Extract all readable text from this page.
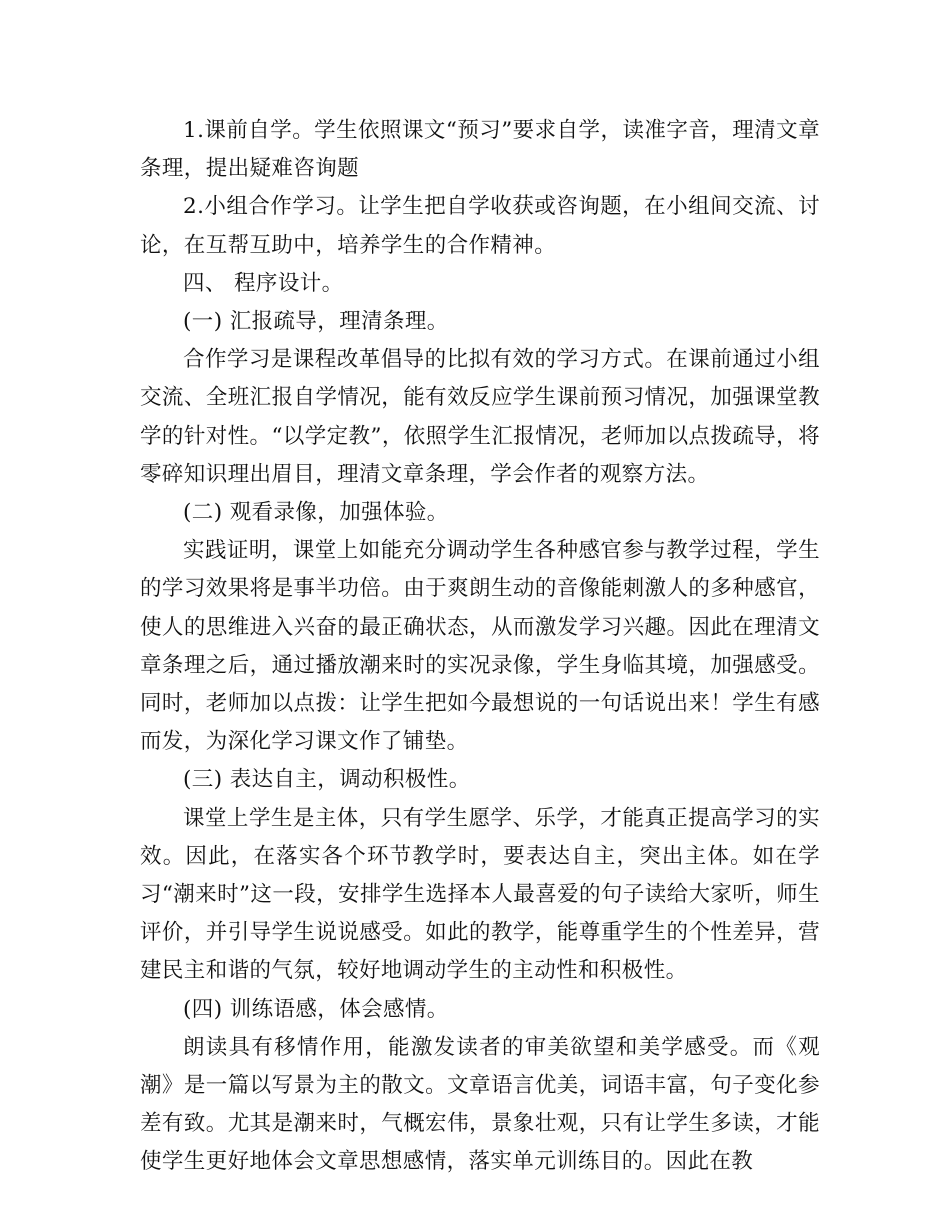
1.课前自学。学生依照课文“预习”要求自学，读准字音，理清文章条理，提出疑难咨询题

2.小组合作学习。让学生把自学收获或咨询题，在小组间交流、讨论，在互帮互助中，培养学生的合作精神。

四、 程序设计。

(一) 汇报疏导，理清条理。

合作学习是课程改革倡导的比拟有效的学习方式。在课前通过小组交流、全班汇报自学情况，能有效反应学生课前预习情况，加强课堂教学的针对性。“以学定教”，依照学生汇报情况，老师加以点拨疏导，将零碎知识理出眉目，理清文章条理，学会作者的观察方法。

(二) 观看录像，加强体验。

实践证明，课堂上如能充分调动学生各种感官参与教学过程，学生的学习效果将是事半功倍。由于爽朗生动的音像能刺激人的多种感官，使人的思维进入兴奋的最正确状态，从而激发学习兴趣。因此在理清文章条理之后，通过播放潮来时的实况录像，学生身临其境，加强感受。同时，老师加以点拨：让学生把如今最想说的一句话说出来！学生有感而发，为深化学习课文作了铺垫。

(三) 表达自主，调动积极性。

课堂上学生是主体，只有学生愿学、乐学，才能真正提高学习的实效。因此，在落实各个环节教学时，要表达自主，突出主体。如在学习“潮来时”这一段，安排学生选择本人最喜爱的句子读给大家听，师生评价，并引导学生说说感受。如此的教学，能尊重学生的个性差异，营建民主和谐的气氛，较好地调动学生的主动性和积极性。

(四) 训练语感，体会感情。

朗读具有移情作用，能激发读者的审美欲望和美学感受。而《观潮》是一篇以写景为主的散文。文章语言优美，词语丰富，句子变化参差有致。尤其是潮来时，气概宏伟，景象壮观，只有让学生多读，才能使学生更好地体会文章思想感情，落实单元训练目的。因此在教
